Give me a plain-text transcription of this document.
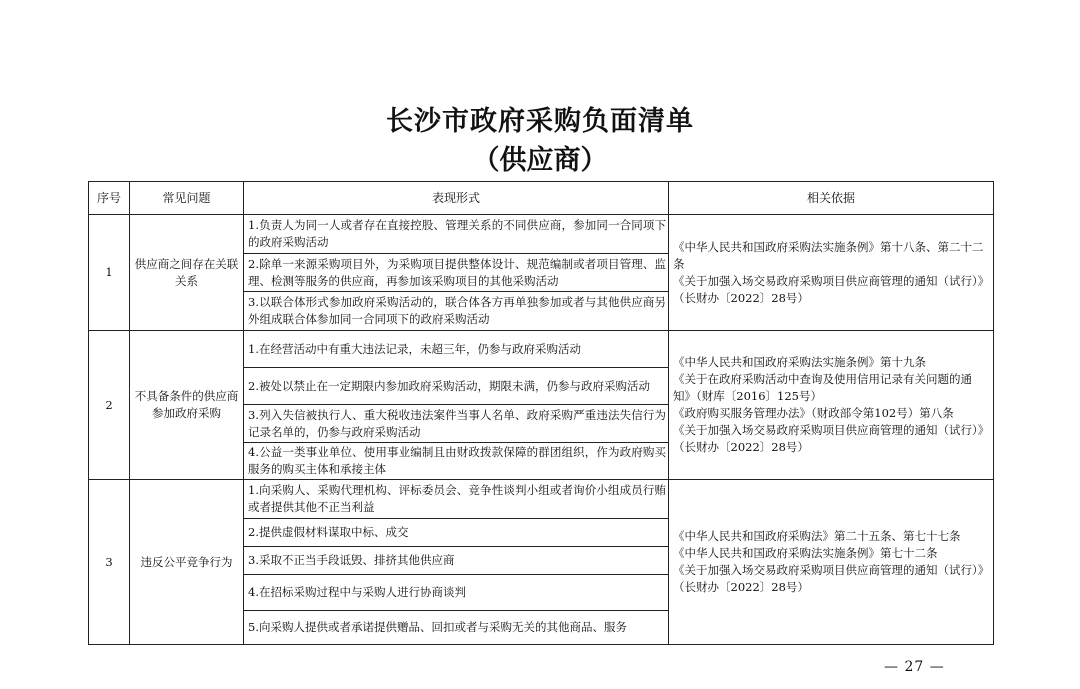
长沙市政府采购负面清单
（供应商）
序号	常见问题	表现形式	相关依据
1	供应商之间存在关联关系	1.负责人为同一人或者存在直接控股、管理关系的不同供应商，参加同一合同项下的政府采购活动	《中华人民共和国政府采购法实施条例》第十八条、第二十二条
《关于加强入场交易政府采购项目供应商管理的通知（试行）》（长财办〔2022〕28号）

		2.除单一来源采购项目外，为采购项目提供整体设计、规范编制或者项目管理、监理、检测等服务的供应商，再参加该采购项目的其他采购活动	
		3.以联合体形式参加政府采购活动的，联合体各方再单独参加或者与其他供应商另外组成联合体参加同一合同项下的政府采购活动	
2	不具备条件的供应商参加政府采购	1.在经营活动中有重大违法记录，未超三年，仍参与政府采购活动	《中华人民共和国政府采购法实施条例》第十九条
《关于在政府采购活动中查询及使用信用记录有关问题的通知》（财库〔2016〕125号）
《政府购买服务管理办法》（财政部令第102号）第八条
《关于加强入场交易政府采购项目供应商管理的通知（试行）》（长财办〔2022〕28号）

		2.被处以禁止在一定期限内参加政府采购活动，期限未满，仍参与政府采购活动	
		3.列入失信被执行人、重大税收违法案件当事人名单、政府采购严重违法失信行为记录名单的，仍参与政府采购活动	
		4.公益一类事业单位、使用事业编制且由财政拨款保障的群团组织，作为政府购买服务的购买主体和承接主体	
3	违反公平竞争行为	1.向采购人、采购代理机构、评标委员会、竞争性谈判小组或者询价小组成员行贿或者提供其他不正当利益	《中华人民共和国政府采购法》第二十五条、第七十七条
《中华人民共和国政府采购法实施条例》第七十二条
《关于加强入场交易政府采购项目供应商管理的通知（试行）》（长财办〔2022〕28号）

		2.提供虚假材料谋取中标、成交	
		3.采取不正当手段诋毁、排挤其他供应商	
		4.在招标采购过程中与采购人进行协商谈判	
		5.向采购人提供或者承诺提供赠品、回扣或者与采购无关的其他商品、服务	
— 27 —
